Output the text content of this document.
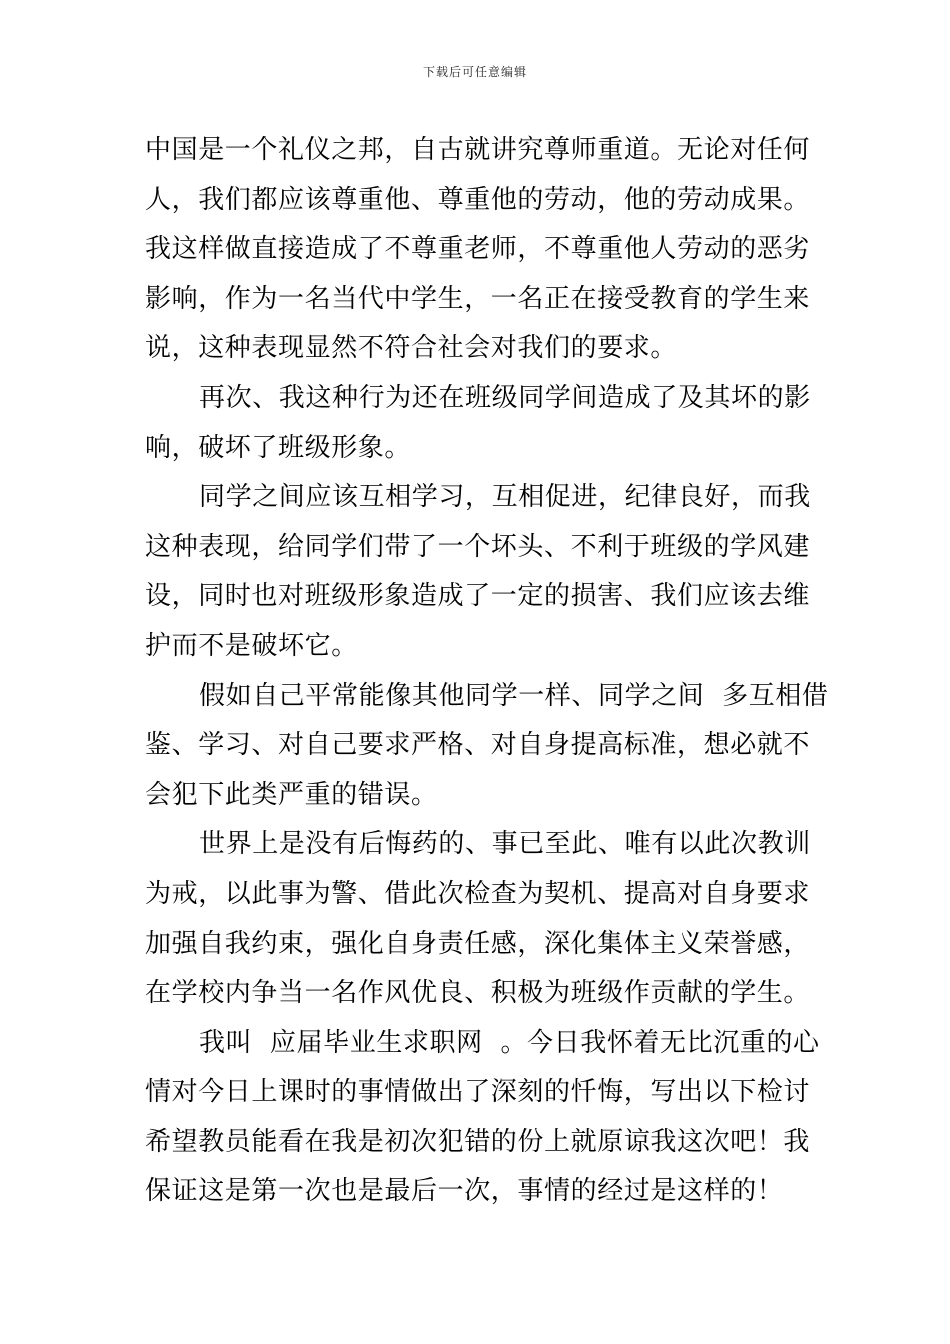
下载后可任意编辑
中国是一个礼仪之邦，自古就讲究尊师重道。无论对任何
人，我们都应该尊重他、尊重他的劳动，他的劳动成果。
我这样做直接造成了不尊重老师，不尊重他人劳动的恶劣
影响，作为一名当代中学生，一名正在接受教育的学生来
说，这种表现显然不符合社会对我们的要求。
再次、我这种行为还在班级同学间造成了及其坏的影
响，破坏了班级形象。
同学之间应该互相学习，互相促进，纪律良好，而我
这种表现，给同学们带了一个坏头、不利于班级的学风建
设，同时也对班级形象造成了一定的损害、我们应该去维
护而不是破坏它。
假如自己平常能像其他同学一样、同学之间  多互相借
鉴、学习、对自己要求严格、对自身提高标准，想必就不
会犯下此类严重的错误。
世界上是没有后悔药的、事已至此、唯有以此次教训
为戒，以此事为警、借此次检查为契机、提高对自身要求
加强自我约束，强化自身责任感，深化集体主义荣誉感，
在学校内争当一名作风优良、积极为班级作贡献的学生。
我叫  应届毕业生求职网  。今日我怀着无比沉重的心
情对今日上课时的事情做出了深刻的忏悔，写出以下检讨
希望教员能看在我是初次犯错的份上就原谅我这次吧！我
保证这是第一次也是最后一次，事情的经过是这样的！
